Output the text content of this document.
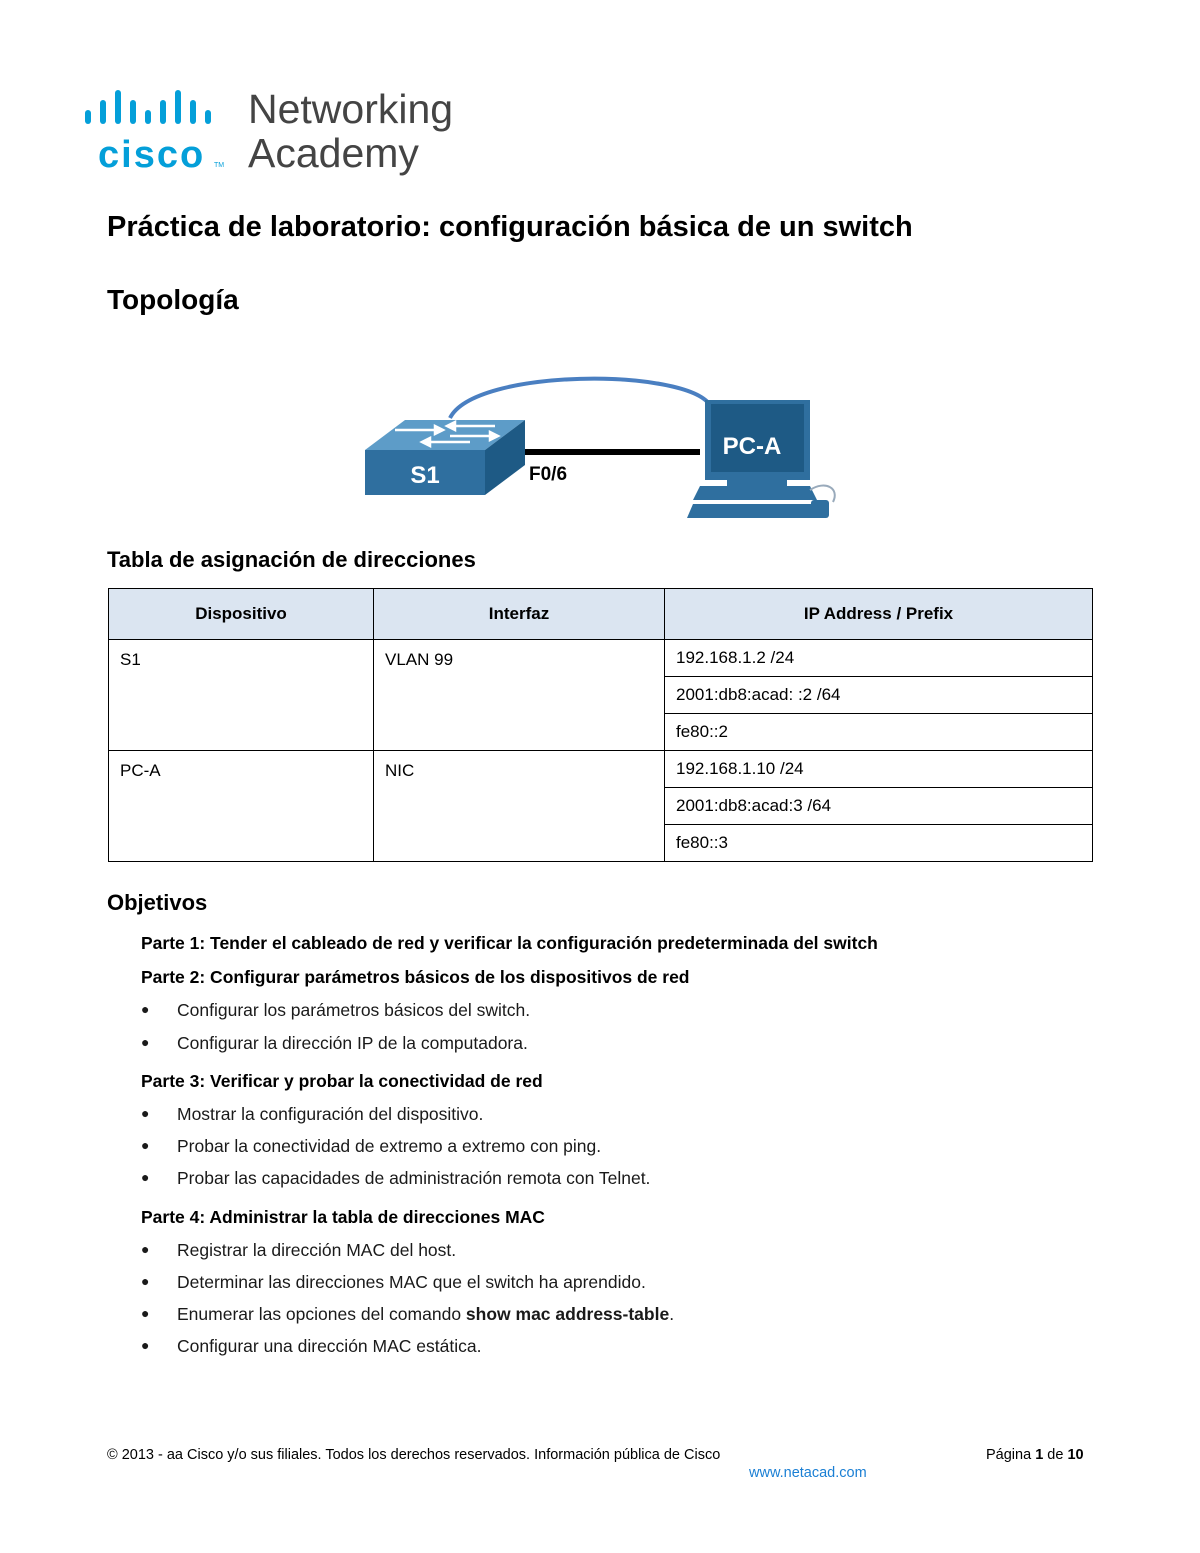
cisco TM
Networking
Academy
Práctica de laboratorio: configuración básica de un switch
Topología
S1	F0/6
PC-A
Tabla de asignación de direcciones
Dispositivo	Interfaz	IP Address / Prefix
S1	VLAN 99	192.168.1.2 /24
		2001:db8:acad: :2 /64
		fe80::2
PC-A	NIC	192.168.1.10 /24
		2001:db8:acad:3 /64
		fe80::3
Objetivos
Parte 1: Tender el cableado de red y verificar la configuración predeterminada del switch
Parte 2: Configurar parámetros básicos de los dispositivos de red
● Configurar los parámetros básicos del switch.
● Configurar la dirección IP de la computadora.
Parte 3: Verificar y probar la conectividad de red
● Mostrar la configuración del dispositivo.
● Probar la conectividad de extremo a extremo con ping.
● Probar las capacidades de administración remota con Telnet.
Parte 4: Administrar la tabla de direcciones MAC
● Registrar la dirección MAC del host.
● Determinar las direcciones MAC que el switch ha aprendido.
● Enumerar las opciones del comando show mac address-table.
● Configurar una dirección MAC estática.
© 2013 - aa Cisco y/o sus filiales. Todos los derechos reservados. Información pública de Cisco	Página 1 de 10
www.netacad.com
